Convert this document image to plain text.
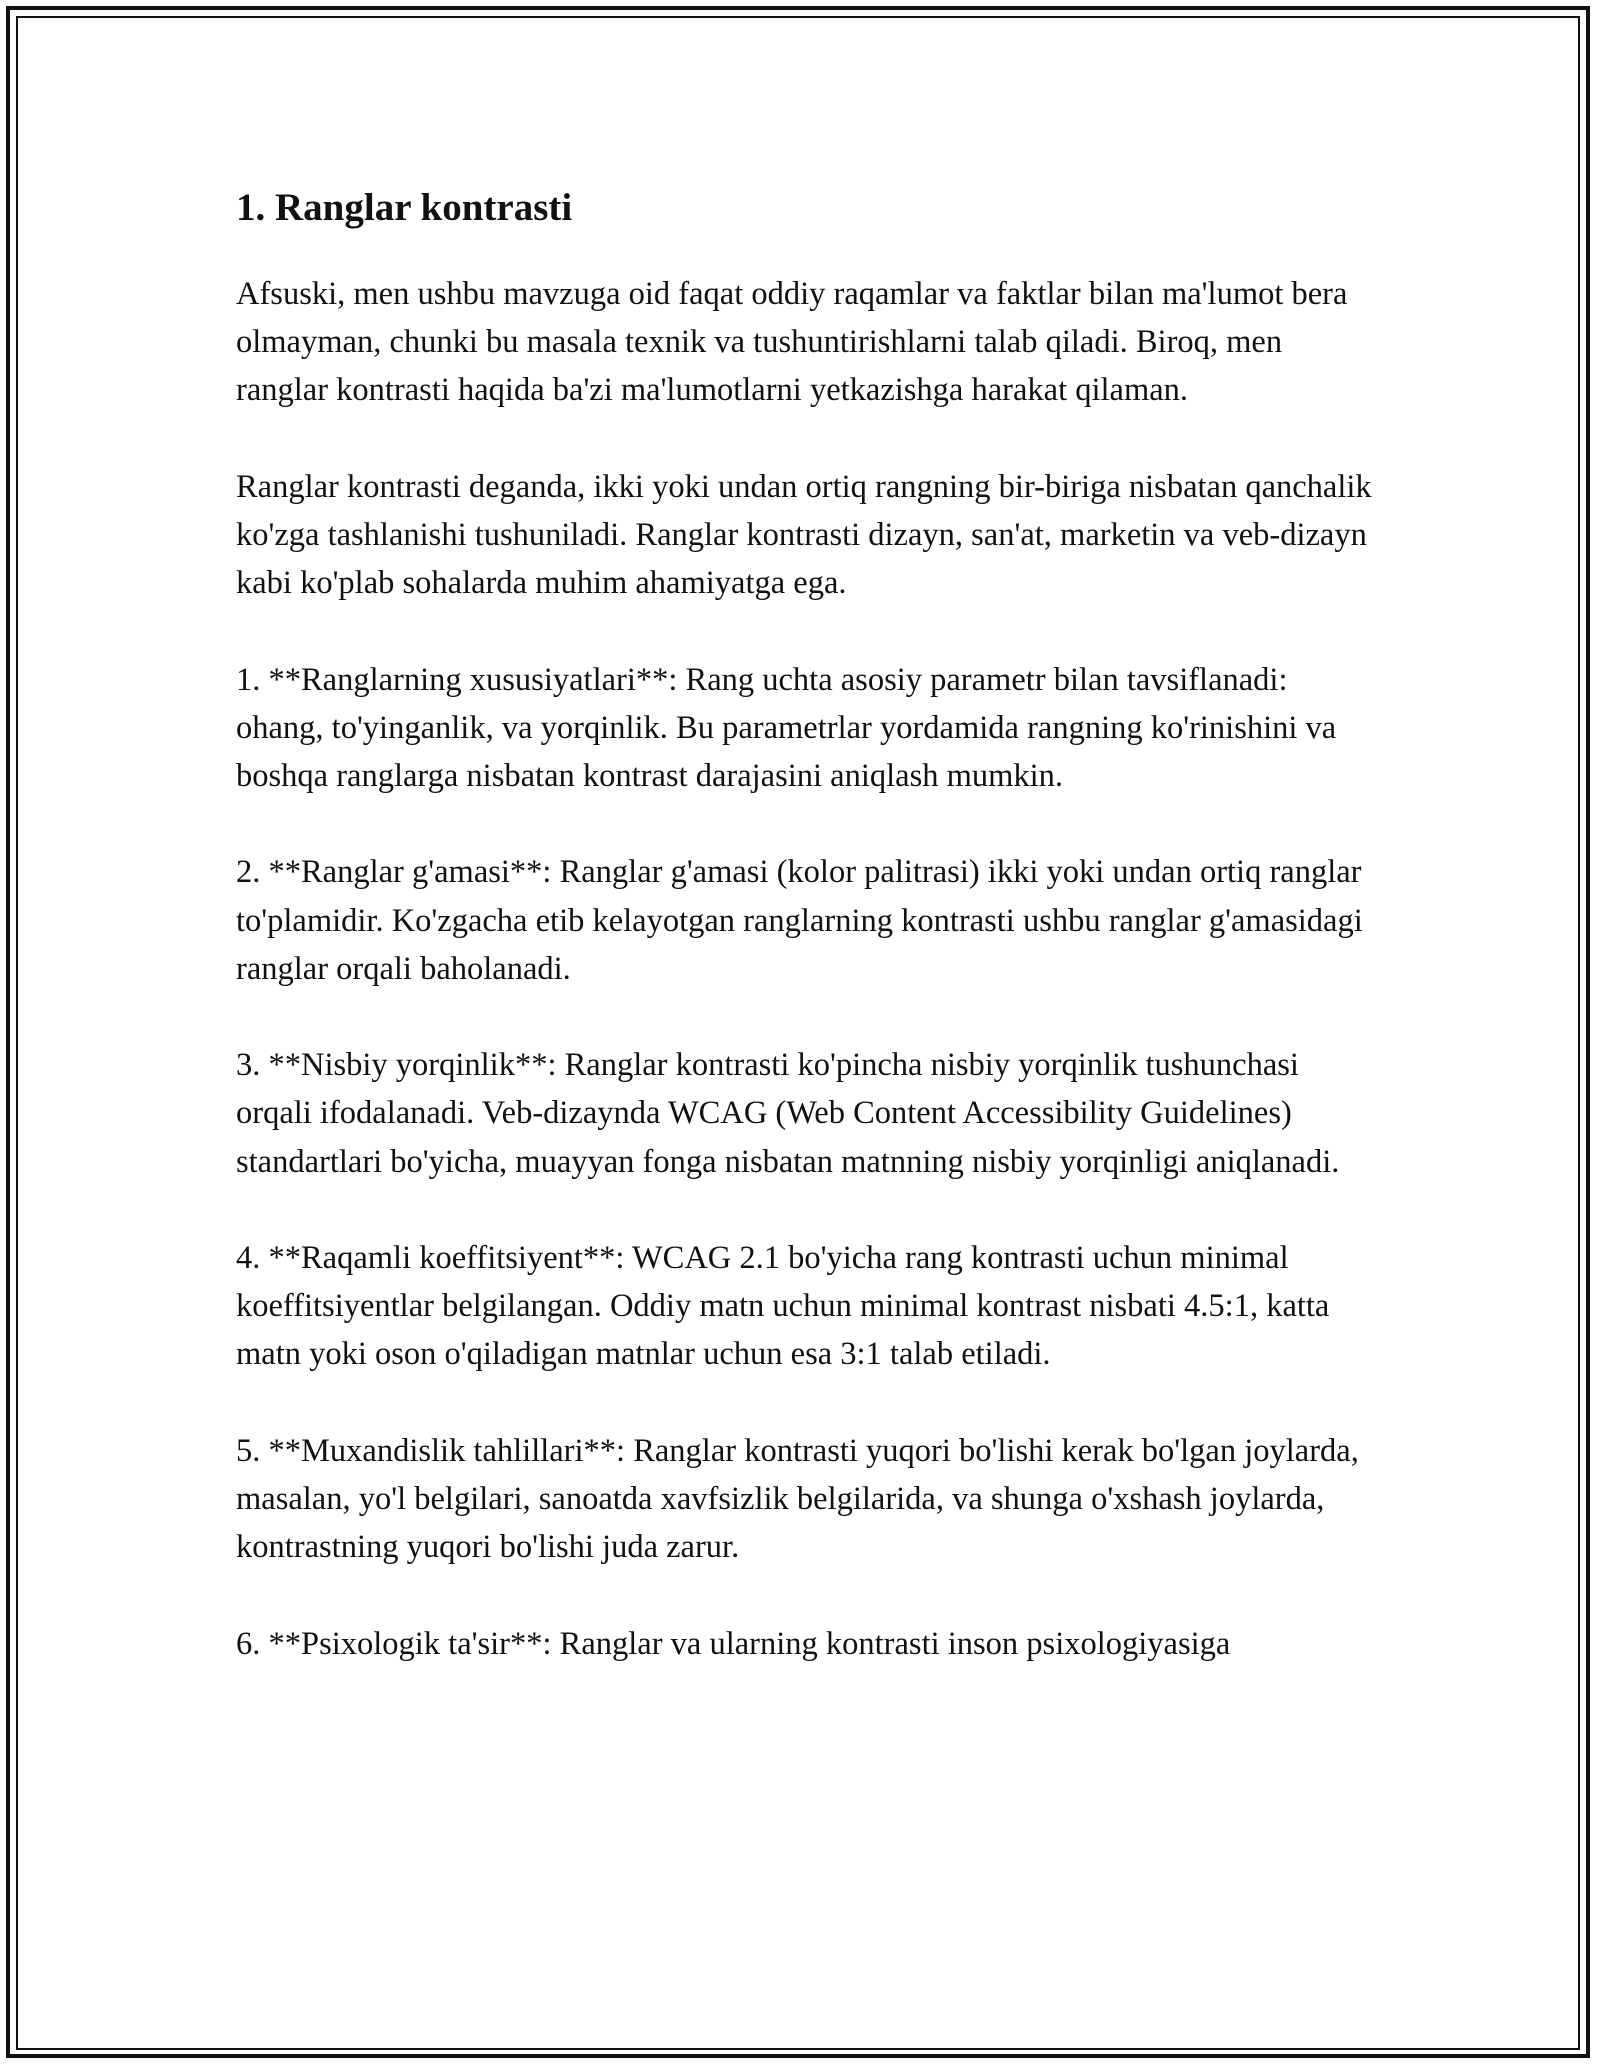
1. Ranglar kontrasti

Afsuski, men ushbu mavzuga oid faqat oddiy raqamlar va faktlar bilan ma'lumot bera olmayman, chunki bu masala texnik va tushuntirishlarni talab qiladi. Biroq, men ranglar kontrasti haqida ba'zi ma'lumotlarni yetkazishga harakat qilaman.

Ranglar kontrasti deganda, ikki yoki undan ortiq rangning bir-biriga nisbatan qanchalik ko'zga tashlanishi tushuniladi. Ranglar kontrasti dizayn, san'at, marketin va veb-dizayn kabi ko'plab sohalarda muhim ahamiyatga ega.

1. **Ranglarning xususiyatlari**: Rang uchta asosiy parametr bilan tavsiflanadi: ohang, to'yinganlik, va yorqinlik. Bu parametrlar yordamida rangning ko'rinishini va boshqa ranglarga nisbatan kontrast darajasini aniqlash mumkin.

2. **Ranglar g'amasi**: Ranglar g'amasi (kolor palitrasi) ikki yoki undan ortiq ranglar to'plamidir. Ko'zgacha etib kelayotgan ranglarning kontrasti ushbu ranglar g'amasidagi ranglar orqali baholanadi.

3. **Nisbiy yorqinlik**: Ranglar kontrasti ko'pincha nisbiy yorqinlik tushunchasi orqali ifodalanadi. Veb-dizaynda WCAG (Web Content Accessibility Guidelines) standartlari bo'yicha, muayyan fonga nisbatan matnning nisbiy yorqinligi aniqlanadi.

4. **Raqamli koeffitsiyent**: WCAG 2.1 bo'yicha rang kontrasti uchun minimal koeffitsiyentlar belgilangan. Oddiy matn uchun minimal kontrast nisbati 4.5:1, katta matn yoki oson o'qiladigan matnlar uchun esa 3:1 talab etiladi.

5. **Muxandislik tahlillari**: Ranglar kontrasti yuqori bo'lishi kerak bo'lgan joylarda, masalan, yo'l belgilari, sanoatda xavfsizlik belgilarida, va shunga o'xshash joylarda, kontrastning yuqori bo'lishi juda zarur.

6. **Psixologik ta'sir**: Ranglar va ularning kontrasti inson psixologiyasiga
